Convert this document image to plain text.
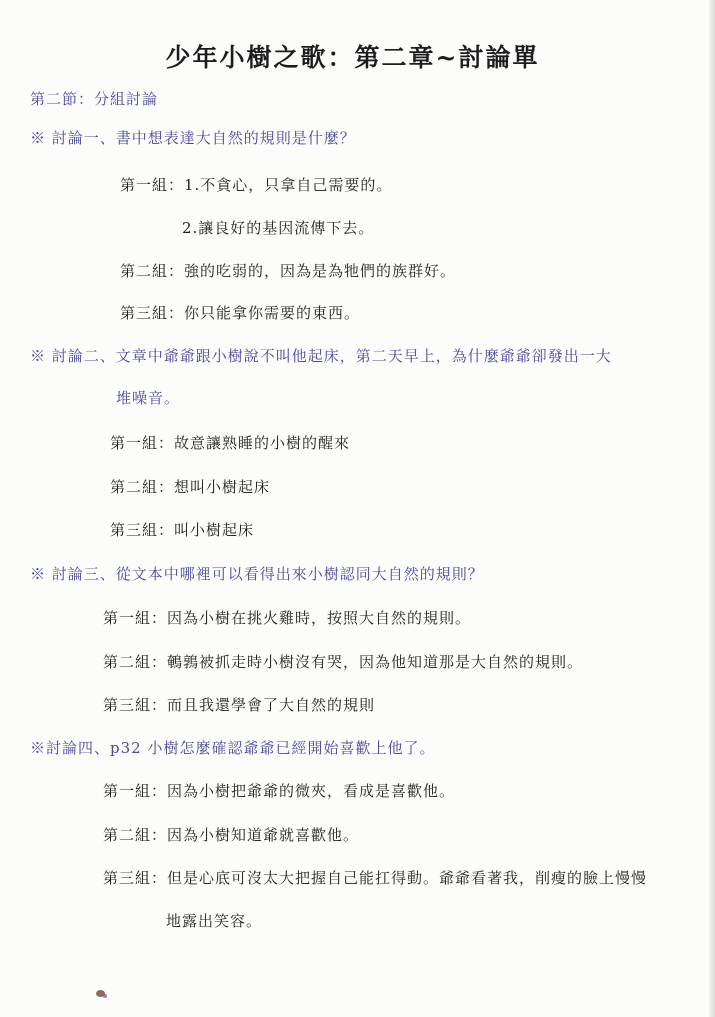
少年小樹之歌：第二章~討論單
第二節：分組討論
※ 討論一、書中想表達大自然的規則是什麼？
第一組：1.不貪心，只拿自己需要的。
2.讓良好的基因流傳下去。
第二組：強的吃弱的，因為是為牠們的族群好。
第三組：你只能拿你需要的東西。
※ 討論二、文章中爺爺跟小樹說不叫他起床，第二天早上，為什麼爺爺卻發出一大
堆噪音。
第一組：故意讓熟睡的小樹的醒來
第二組：想叫小樹起床
第三組：叫小樹起床
※ 討論三、從文本中哪裡可以看得出來小樹認同大自然的規則？
第一組：因為小樹在挑火雞時，按照大自然的規則。
第二組：鵪鶉被抓走時小樹沒有哭，因為他知道那是大自然的規則。
第三組：而且我還學會了大自然的規則
※討論四、p32 小樹怎麼確認爺爺已經開始喜歡上他了。
第一組：因為小樹把爺爺的微夾，看成是喜歡他。
第二組：因為小樹知道爺就喜歡他。
第三組：但是心底可沒太大把握自己能扛得動。爺爺看著我，削瘦的臉上慢慢
地露出笑容。
